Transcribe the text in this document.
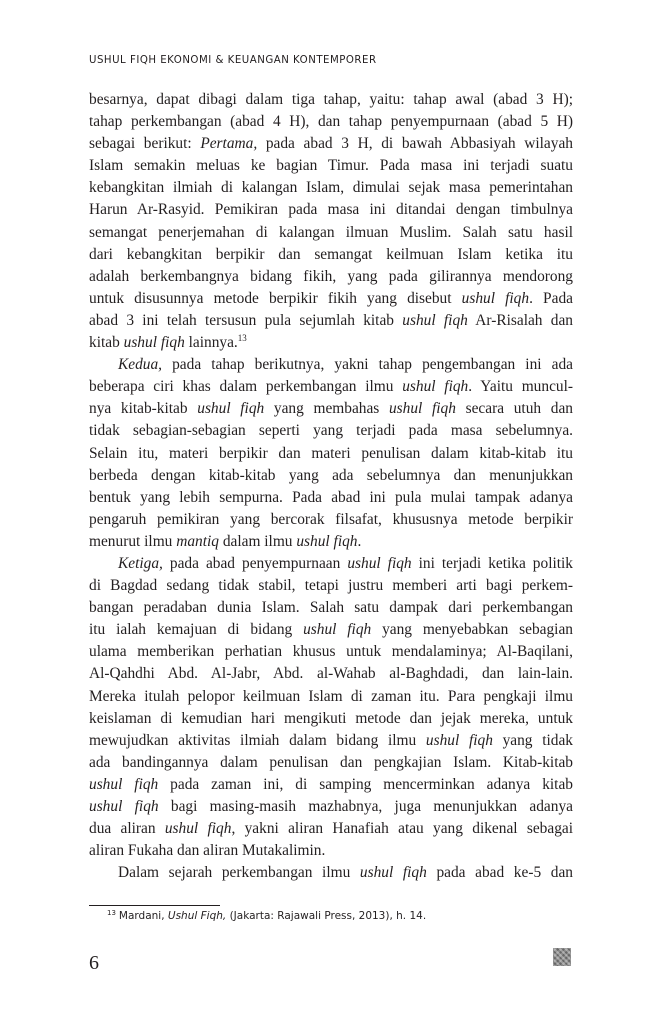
USHUL FIQH EKONOMI & KEUANGAN KONTEMPORER
besarnya, dapat dibagi dalam tiga tahap, yaitu: tahap awal (abad 3 H);
tahap perkembangan (abad 4 H), dan tahap penyempurnaan (abad 5 H)
sebagai berikut: Pertama, pada abad 3 H, di bawah Abbasiyah wilayah
Islam semakin meluas ke bagian Timur. Pada masa ini terjadi suatu
kebangkitan ilmiah di kalangan Islam, dimulai sejak masa pemerintahan
Harun Ar-Rasyid. Pemikiran pada masa ini ditandai dengan timbulnya
semangat penerjemahan di kalangan ilmuan Muslim. Salah satu hasil
dari kebangkitan berpikir dan semangat keilmuan Islam ketika itu
adalah berkembangnya bidang fikih, yang pada gilirannya mendorong
untuk disusunnya metode berpikir fikih yang disebut ushul fiqh. Pada
abad 3 ini telah tersusun pula sejumlah kitab ushul fiqh Ar-Risalah dan
kitab ushul fiqh lainnya.$^{13}$
Kedua, pada tahap berikutnya, yakni tahap pengembangan ini ada
beberapa ciri khas dalam perkembangan ilmu ushul fiqh. Yaitu muncul-
nya kitab-kitab ushul fiqh yang membahas ushul fiqh secara utuh dan
tidak sebagian-sebagian seperti yang terjadi pada masa sebelumnya.
Selain itu, materi berpikir dan materi penulisan dalam kitab-kitab itu
berbeda dengan kitab-kitab yang ada sebelumnya dan menunjukkan
bentuk yang lebih sempurna. Pada abad ini pula mulai tampak adanya
pengaruh pemikiran yang bercorak filsafat, khususnya metode berpikir
menurut ilmu mantiq dalam ilmu ushul fiqh.
Ketiga, pada abad penyempurnaan ushul fiqh ini terjadi ketika politik
di Bagdad sedang tidak stabil, tetapi justru memberi arti bagi perkem-
bangan peradaban dunia Islam. Salah satu dampak dari perkembangan
itu ialah kemajuan di bidang ushul fiqh yang menyebabkan sebagian
ulama memberikan perhatian khusus untuk mendalaminya; Al-Baqilani,
Al-Qahdhi Abd. Al-Jabr, Abd. al-Wahab al-Baghdadi, dan lain-lain.
Mereka itulah pelopor keilmuan Islam di zaman itu. Para pengkaji ilmu
keislaman di kemudian hari mengikuti metode dan jejak mereka, untuk
mewujudkan aktivitas ilmiah dalam bidang ilmu ushul fiqh yang tidak
ada bandingannya dalam penulisan dan pengkajian Islam. Kitab-kitab
ushul fiqh pada zaman ini, di samping mencerminkan adanya kitab
ushul fiqh bagi masing-masih mazhabnya, juga menunjukkan adanya
dua aliran ushul fiqh, yakni aliran Hanafiah atau yang dikenal sebagai
aliran Fukaha dan aliran Mutakalimin.
Dalam sejarah perkembangan ilmu ushul fiqh pada abad ke-5 dan
$^{13}$ Mardani, Ushul Fiqh, (Jakarta: Rajawali Press, 2013), h. 14.
6
